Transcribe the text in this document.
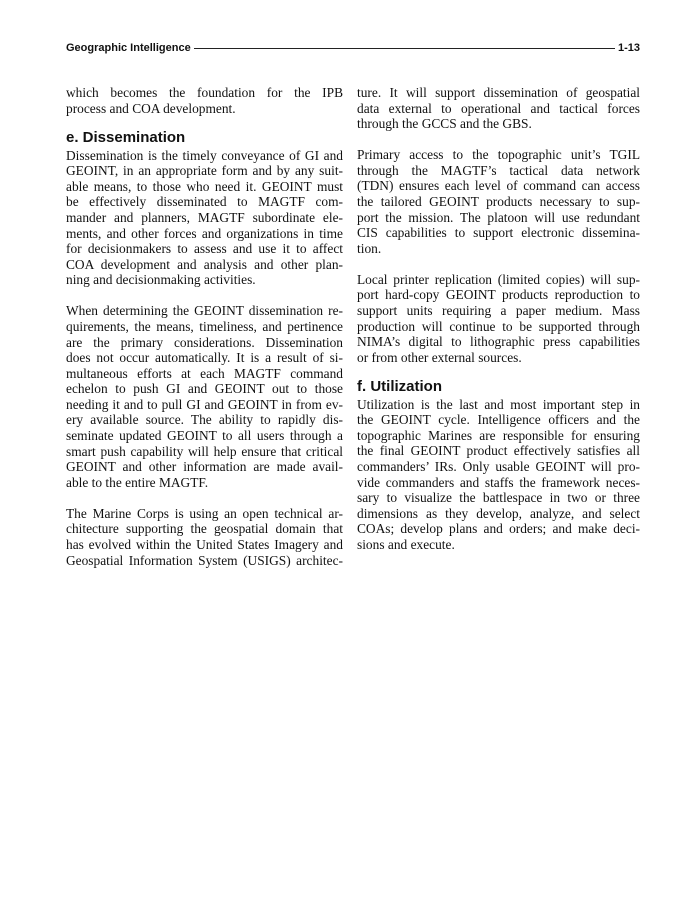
Geographic Intelligence	1-13
which becomes the foundation for the IPB
process and COA development.
e. Dissemination
Dissemination is the timely conveyance of GI and
GEOINT, in an appropriate form and by any suit-
able means, to those who need it. GEOINT must
be effectively disseminated to MAGTF com-
mander and planners, MAGTF subordinate ele-
ments, and other forces and organizations in time
for decisionmakers to assess and use it to affect
COA development and analysis and other plan-
ning and decisionmaking activities.
When determining the GEOINT dissemination re-
quirements, the means, timeliness, and pertinence
are the primary considerations. Dissemination
does not occur automatically. It is a result of si-
multaneous efforts at each MAGTF command
echelon to push GI and GEOINT out to those
needing it and to pull GI and GEOINT in from ev-
ery available source. The ability to rapidly dis-
seminate updated GEOINT to all users through a
smart push capability will help ensure that critical
GEOINT and other information are made avail-
able to the entire MAGTF.
The Marine Corps is using an open technical ar-
chitecture supporting the geospatial domain that
has evolved within the United States Imagery and
Geospatial Information System (USIGS) architec-
ture. It will support dissemination of geospatial
data external to operational and tactical forces
through the GCCS and the GBS.
Primary access to the topographic unit’s TGIL
through the MAGTF’s tactical data network
(TDN) ensures each level of command can access
the tailored GEOINT products necessary to sup-
port the mission. The platoon will use redundant
CIS capabilities to support electronic dissemina-
tion.
Local printer replication (limited copies) will sup-
port hard-copy GEOINT products reproduction to
support units requiring a paper medium. Mass
production will continue to be supported through
NIMA’s digital to lithographic press capabilities
or from other external sources.
f. Utilization
Utilization is the last and most important step in
the GEOINT cycle. Intelligence officers and the
topographic Marines are responsible for ensuring
the final GEOINT product effectively satisfies all
commanders’ IRs. Only usable GEOINT will pro-
vide commanders and staffs the framework neces-
sary to visualize the battlespace in two or three
dimensions as they develop, analyze, and select
COAs; develop plans and orders; and make deci-
sions and execute.
